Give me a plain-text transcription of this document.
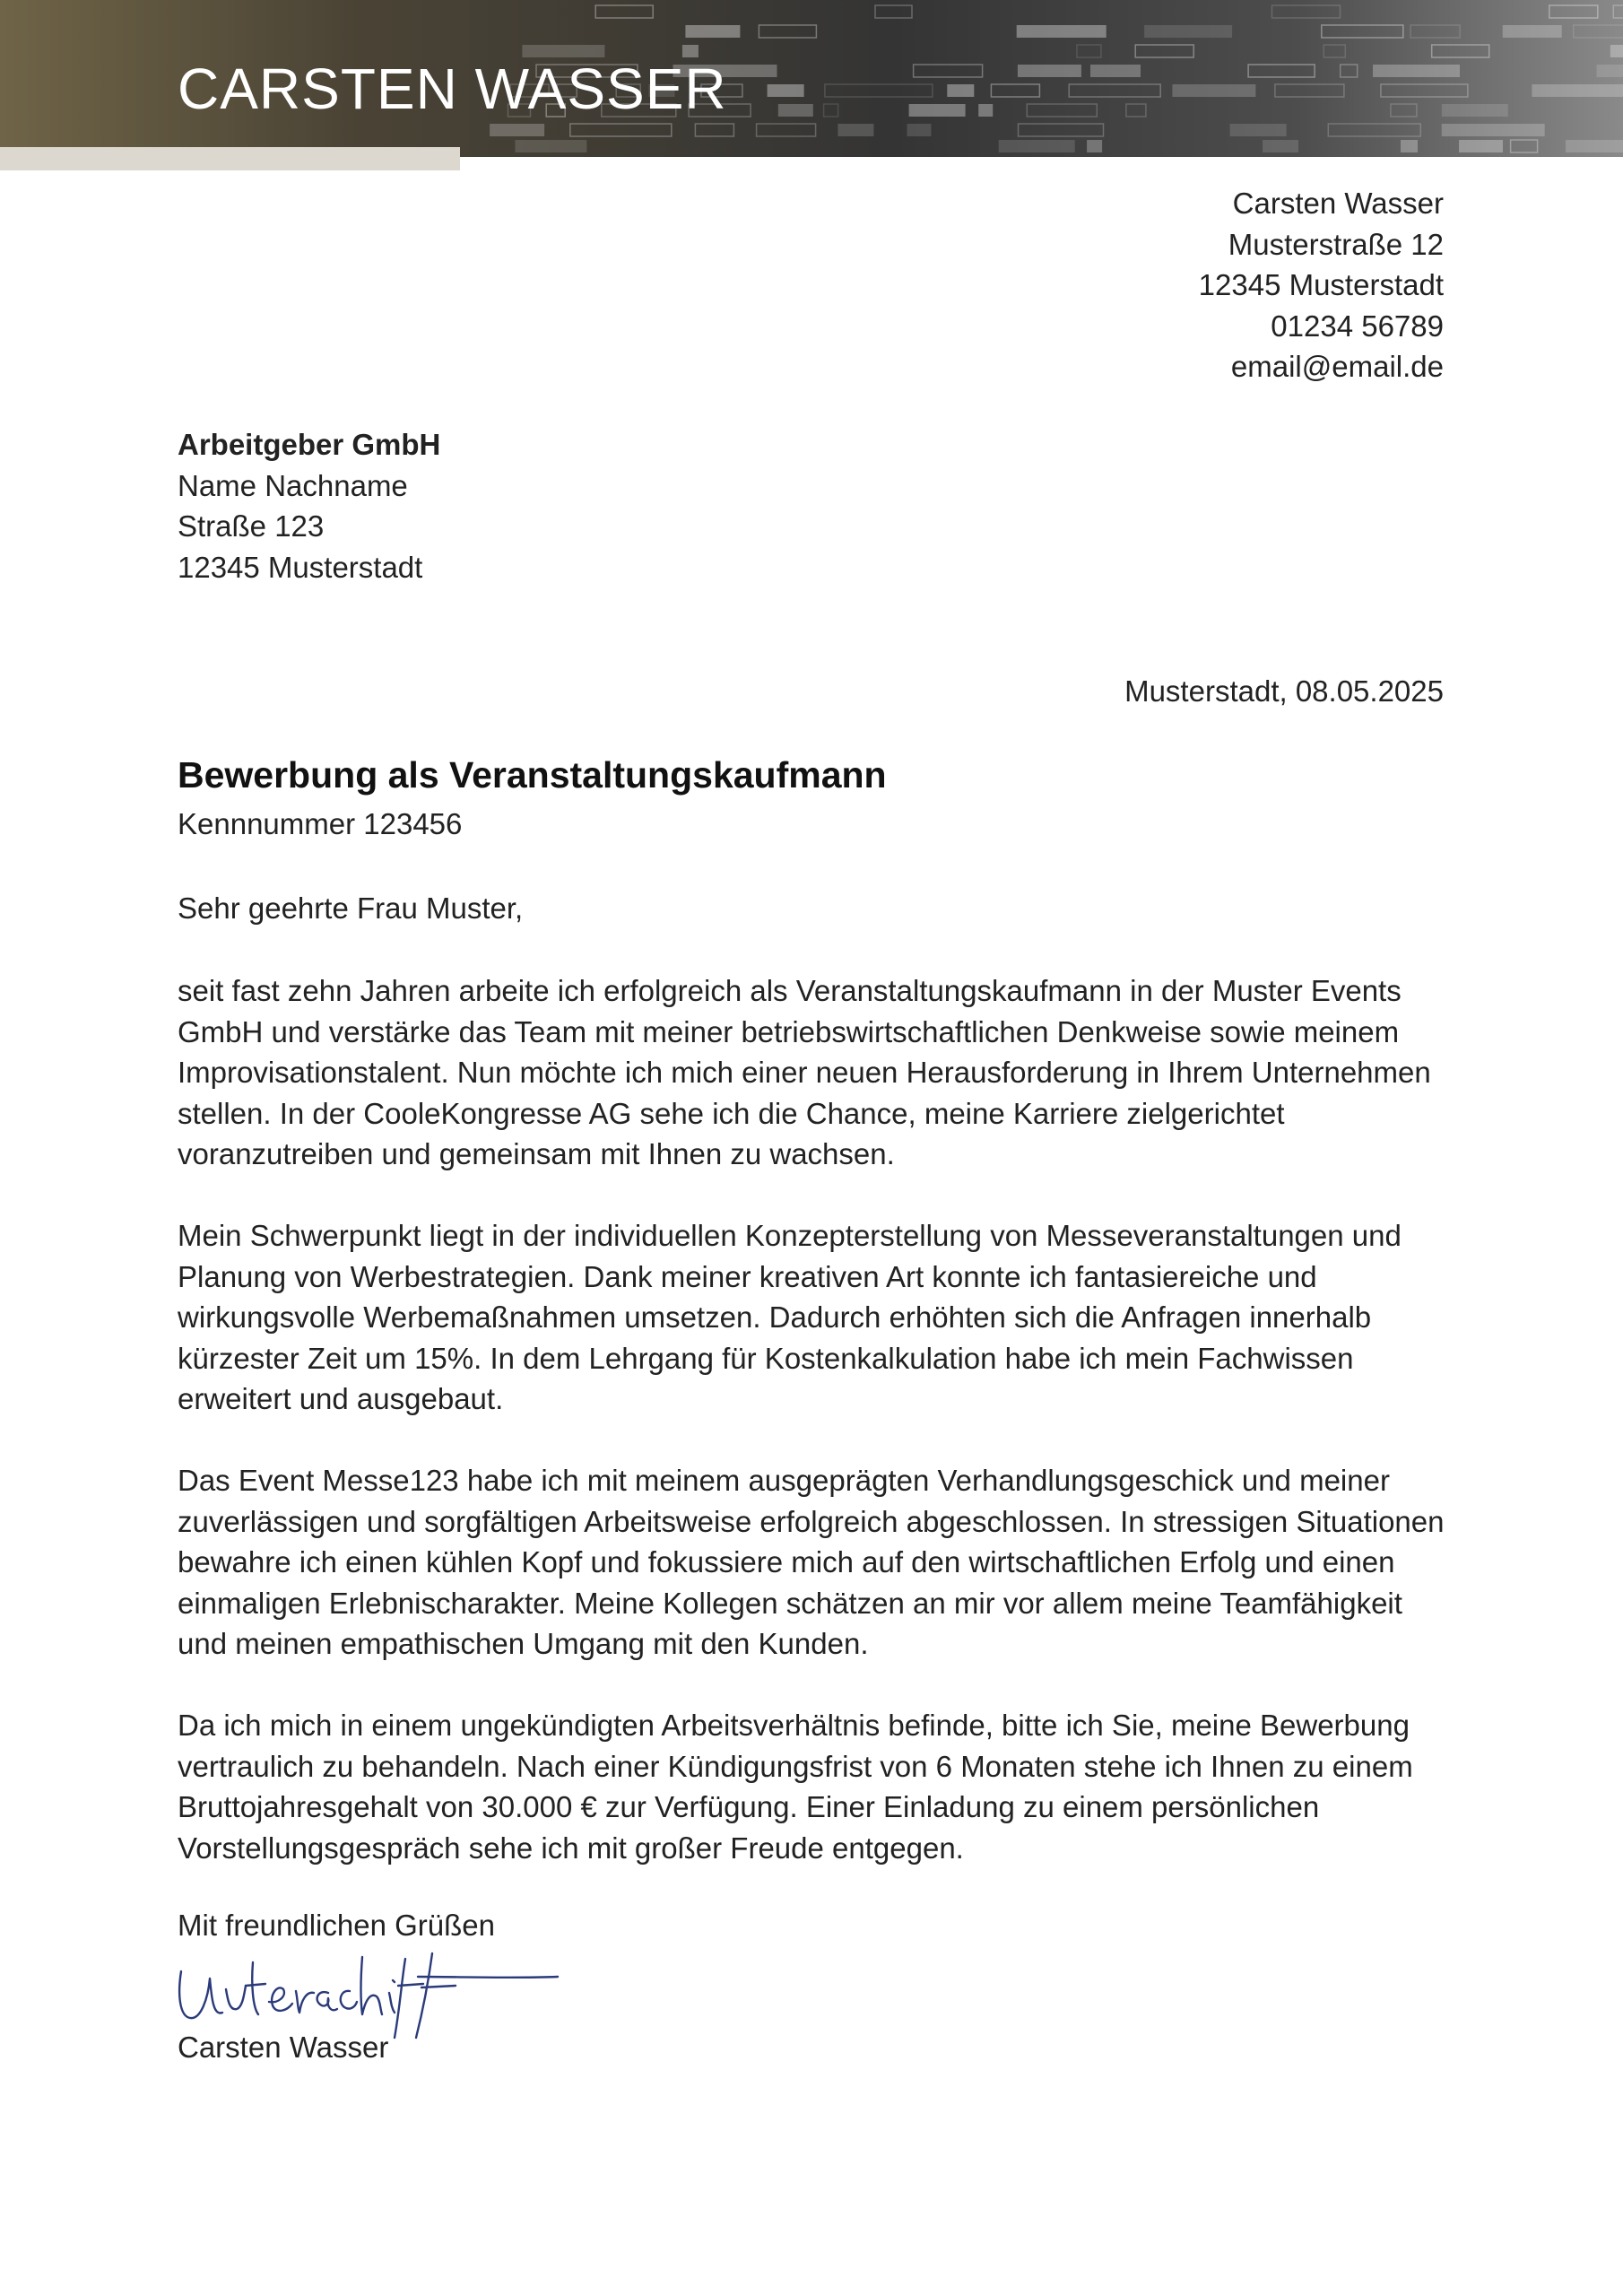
CARSTEN WASSER
Carsten Wasser
Musterstraße 12
12345 Musterstadt
01234 56789
email@email.de
Arbeitgeber GmbH
Name Nachname
Straße 123
12345 Musterstadt
Musterstadt, 08.05.2025
Bewerbung als Veranstaltungskaufmann
Kennnummer 123456
Sehr geehrte Frau Muster,

seit fast zehn Jahren arbeite ich erfolgreich als Veranstaltungskaufmann in der Muster Events GmbH und verstärke das Team mit meiner betriebswirtschaftlichen Denkweise sowie meinem Improvisationstalent. Nun möchte ich mich einer neuen Herausforderung in Ihrem Unternehmen stellen. In der CooleKongresse AG sehe ich die Chance, meine Karriere zielgerichtet voranzutreiben und gemeinsam mit Ihnen zu wachsen.

Mein Schwerpunkt liegt in der individuellen Konzepterstellung von Messeveranstaltungen und Planung von Werbestrategien. Dank meiner kreativen Art konnte ich fantasiereiche und wirkungsvolle Werbemaßnahmen umsetzen. Dadurch erhöhten sich die Anfragen innerhalb kürzester Zeit um 15%. In dem Lehrgang für Kostenkalkulation habe ich mein Fachwissen erweitert und ausgebaut.

Das Event Messe123 habe ich mit meinem ausgeprägten Verhandlungsgeschick und meiner zuverlässigen und sorgfältigen Arbeitsweise erfolgreich abgeschlossen. In stressigen Situationen bewahre ich einen kühlen Kopf und fokussiere mich auf den wirtschaftlichen Erfolg und einen einmaligen Erlebnischarakter. Meine Kollegen schätzen an mir vor allem meine Teamfähigkeit und meinen empathischen Umgang mit den Kunden.

Da ich mich in einem ungekündigten Arbeitsverhältnis befinde, bitte ich Sie, meine Bewerbung vertraulich zu behandeln. Nach einer Kündigungsfrist von 6 Monaten stehe ich Ihnen zu einem Bruttojahresgehalt von 30.000 € zur Verfügung. Einer Einladung zu einem persönlichen Vorstellungsgespräch sehe ich mit großer Freude entgegen.

Mit freundlichen Grüßen
Carsten Wasser
